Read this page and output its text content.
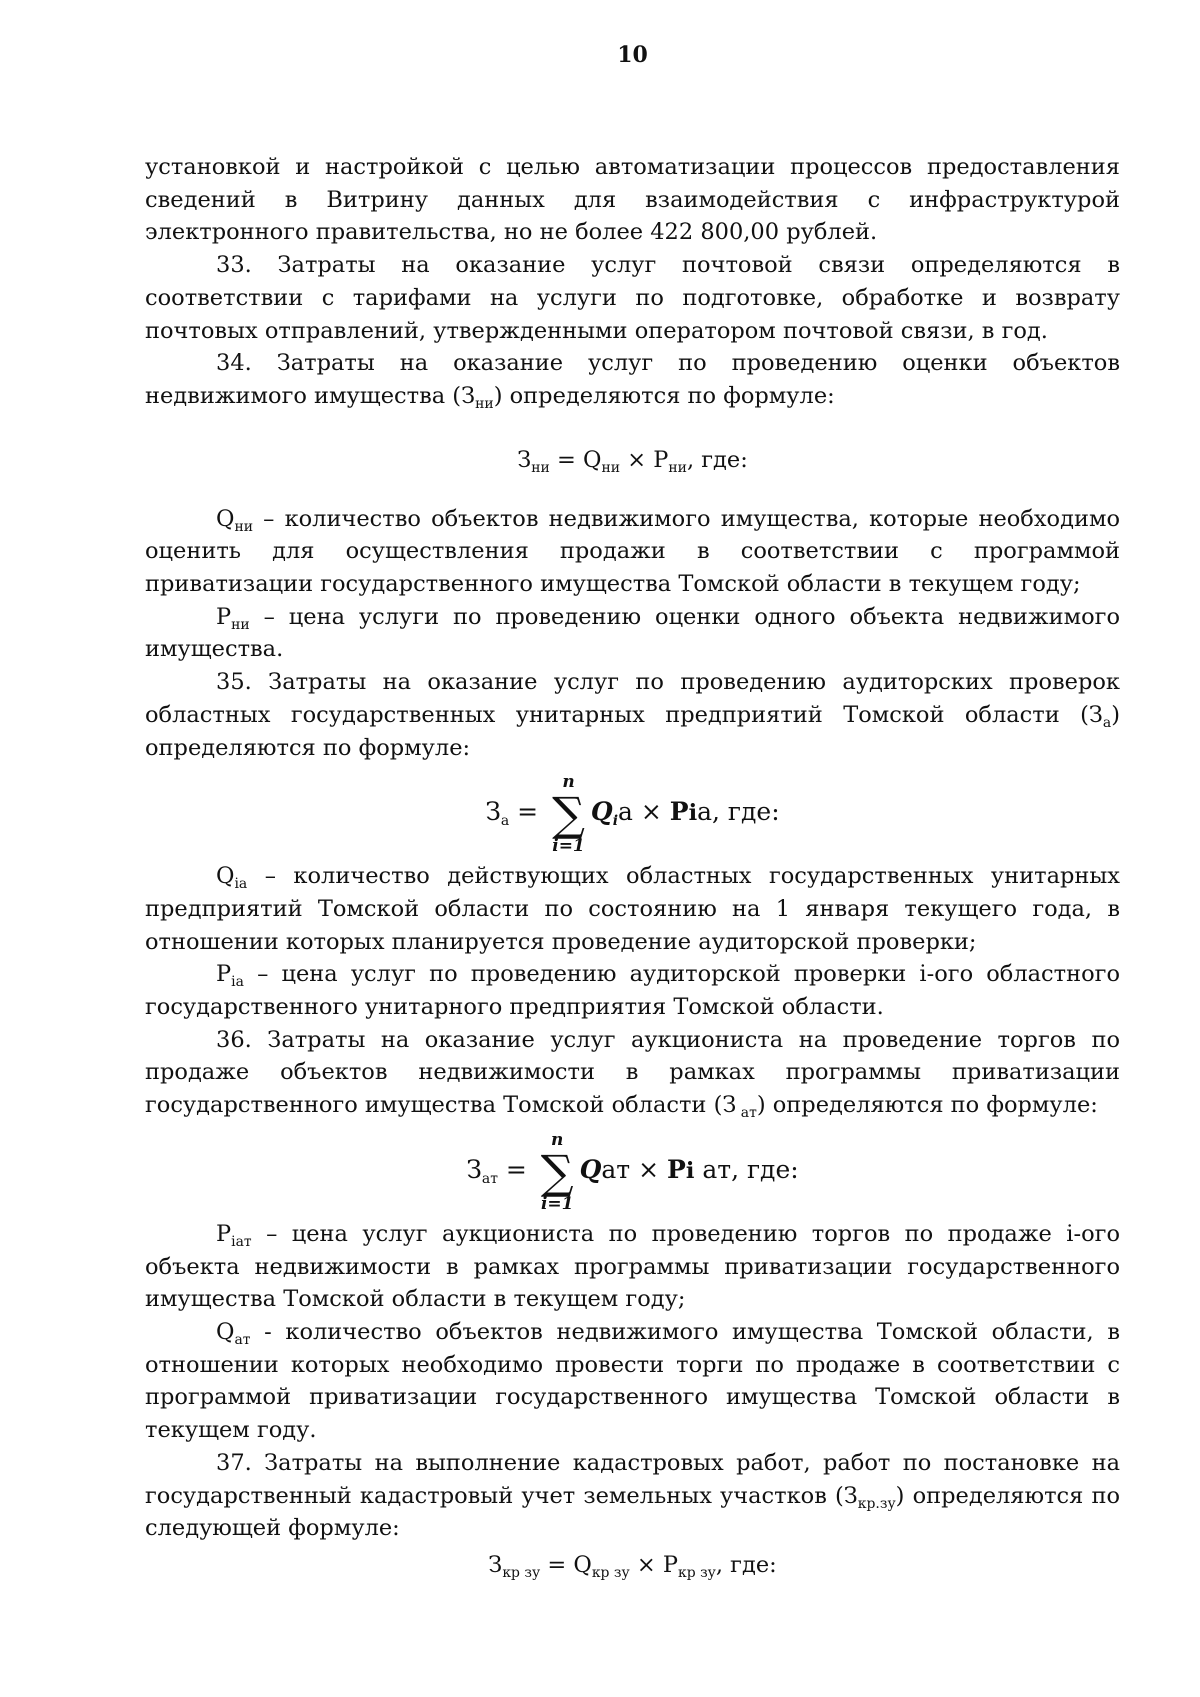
10

установкой и настройкой с целью автоматизации процессов предоставления сведений в Витрину данных для взаимодействия с инфраструктурой электронного правительства, но не более 422 800,00 рублей.

33. Затраты на оказание услуг почтовой связи определяются в соответствии с тарифами на услуги по подготовке, обработке и возврату почтовых отправлений, утвержденными оператором почтовой связи, в год.

34. Затраты на оказание услуг по проведению оценки объектов недвижимого имущества $(З_{ни})$ определяются по формуле:

$З_{ни} = Q_{ни} \times P_{ни}$, где:

$Q_{ни}$ – количество объектов недвижимого имущества, которые необходимо оценить для осуществления продажи в соответствии с программой приватизации государственного имущества Томской области в текущем году;

$P_{ни}$ – цена услуги по проведению оценки одного объекта недвижимого имущества.

35. Затраты на оказание услуг по проведению аудиторских проверок областных государственных унитарных предприятий Томской области $(З_а)$ определяются по формуле:

$З_а$ =
n
∑
i=1
$Q_iа$ × Piа, где:

$Q_{ia}$ – количество действующих областных государственных унитарных предприятий Томской области по состоянию на 1 января текущего года, в отношении которых планируется проведение аудиторской проверки;

$P_{ia}$ – цена услуг по проведению аудиторской проверки i-ого областного государственного унитарного предприятия Томской области.

36. Затраты на оказание услуг аукциониста на проведение торгов по продаже объектов недвижимости в рамках программы приватизации государственного имущества Томской области (З $_{ат}$) определяются по формуле:

$З_{ат}$ =
n
∑
i=1
Qат × Pi ат, где:

$P_{iат}$ – цена услуг аукциониста по проведению торгов по продаже i-ого объекта недвижимости в рамках программы приватизации государственного имущества Томской области в текущем году;

$Q_{ат}$ - количество объектов недвижимого имущества Томской области, в отношении которых необходимо провести торги по продаже в соответствии с программой приватизации государственного имущества Томской области в текущем году.

37. Затраты на выполнение кадастровых работ, работ по постановке на государственный кадастровый учет земельных участков $(З_{кр.зу})$ определяются по следующей формуле:

$З_{кр зу} = Q_{кр зу} \times P_{кр зу}$, где:
